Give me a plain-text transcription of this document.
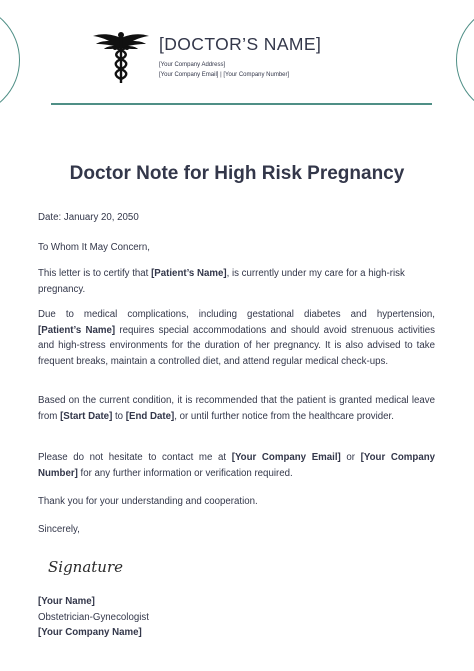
[DOCTOR’S NAME]
[Your Company Address]
[Your Company Email] | [Your Company Number]
Doctor Note for High Risk Pregnancy
Date: January 20, 2050
To Whom It May Concern,

This letter is to certify that [Patient’s Name], is currently under my care for a high-risk pregnancy.

Due to medical complications, including gestational diabetes and hypertension,
[Patient’s Name] requires special accommodations and should avoid strenuous activities and high-stress environments for the duration of her pregnancy. It is also advised to take frequent breaks, maintain a controlled diet, and attend regular medical check-ups.

Based on the current condition, it is recommended that the patient is granted medical leave from [Start Date] to [End Date], or until further notice from the healthcare provider.

Please do not hesitate to contact me at [Your Company Email] or [Your Company Number] for any further information or verification required.

Thank you for your understanding and cooperation.
Sincerely,
Signature
[Your Name]
Obstetrician-Gynecologist
[Your Company Name]
